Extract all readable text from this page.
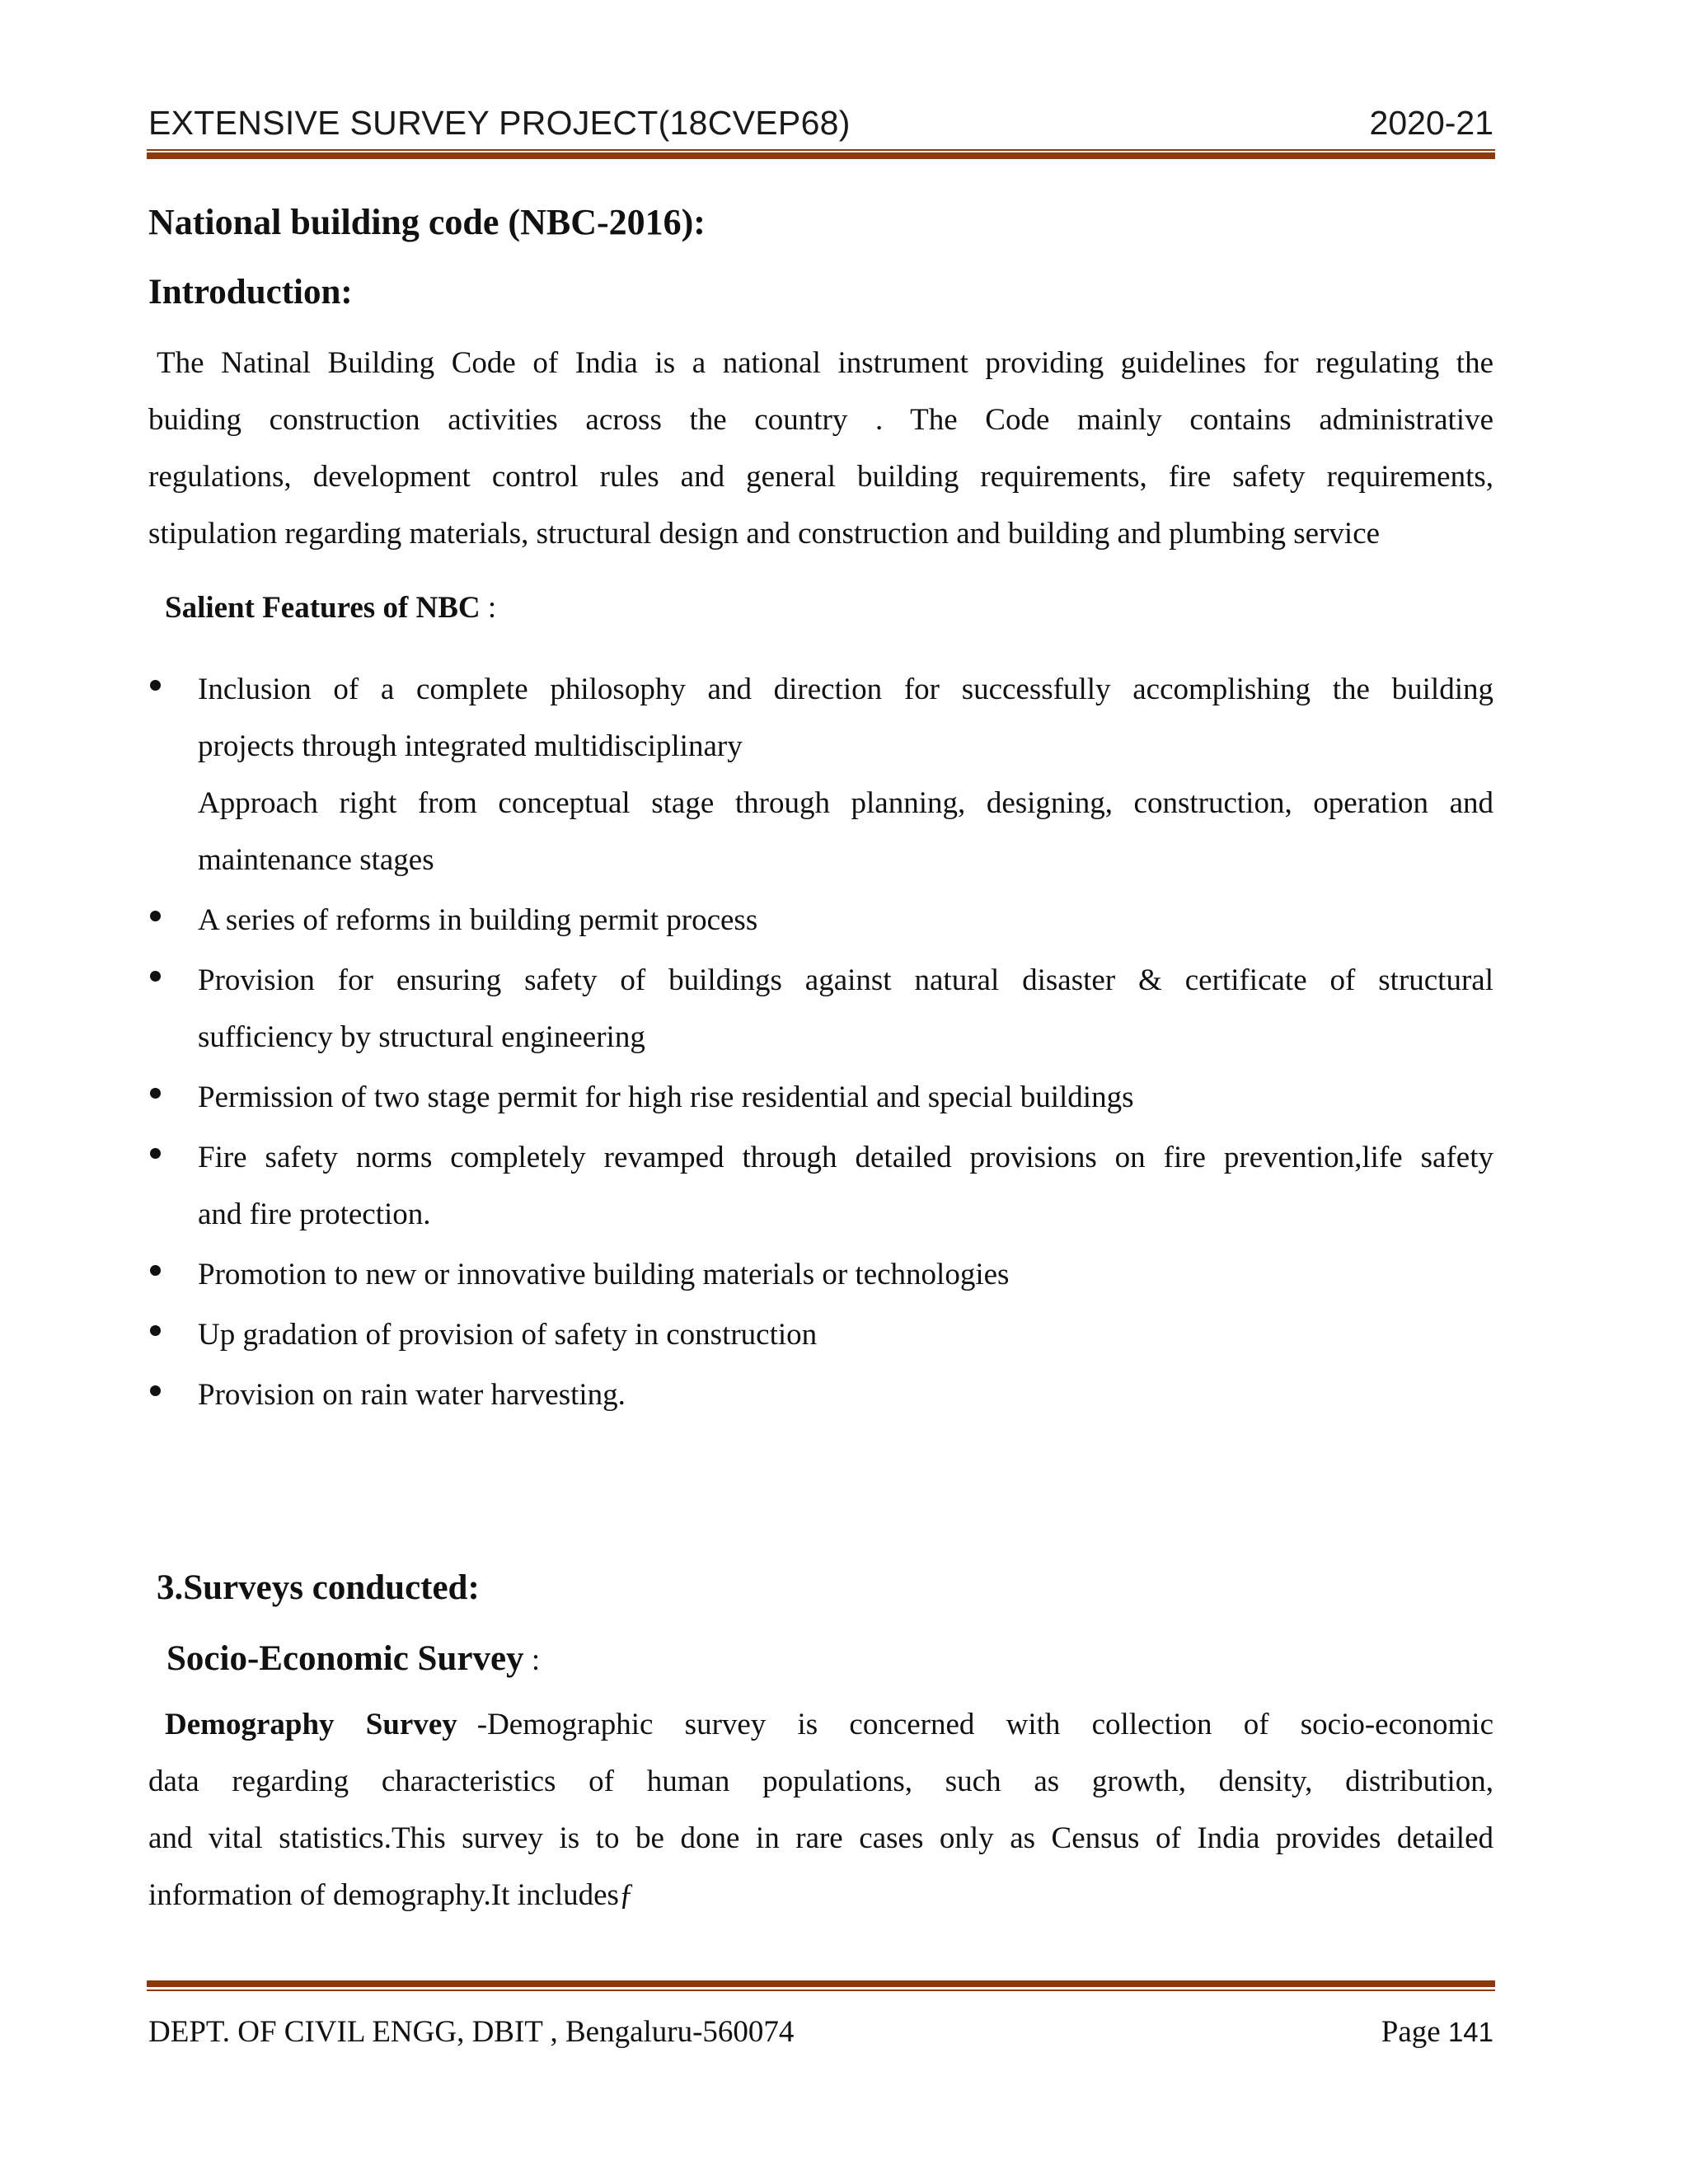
EXTENSIVE SURVEY PROJECT(18CVEP68)	2020-21
National building code (NBC-2016):
Introduction:
The Natinal Building Code of India is a national instrument providing guidelines for regulating the
buiding construction activities across the country . The Code mainly contains administrative
regulations, development control rules and general building requirements, fire safety requirements,
stipulation regarding materials, structural design and construction and building and plumbing service
Salient Features of NBC :
Inclusion of a complete philosophy and direction for successfully accomplishing the building
projects through integrated multidisciplinary
Approach right from conceptual stage through planning, designing, construction, operation and
maintenance stages
A series of reforms in building permit process
Provision for ensuring safety of buildings against natural disaster & certificate of structural
sufficiency by structural engineering
Permission of two stage permit for high rise residential and special buildings
Fire safety norms completely revamped through detailed provisions on fire prevention,life safety
and fire protection.
Promotion to new or innovative building materials or technologies
Up gradation of provision of safety in construction
Provision on rain water harvesting.
3.Surveys conducted:
Socio-Economic Survey :
Demography Survey -Demographic survey is concerned with collection of socio-economic
data regarding characteristics of human populations, such as growth, density, distribution,
and vital statistics.This survey is to be done in rare cases only as Census of India provides detailed
information of demography.It includesƒ
DEPT. OF CIVIL ENGG, DBIT , Bengaluru-560074	Page 141
